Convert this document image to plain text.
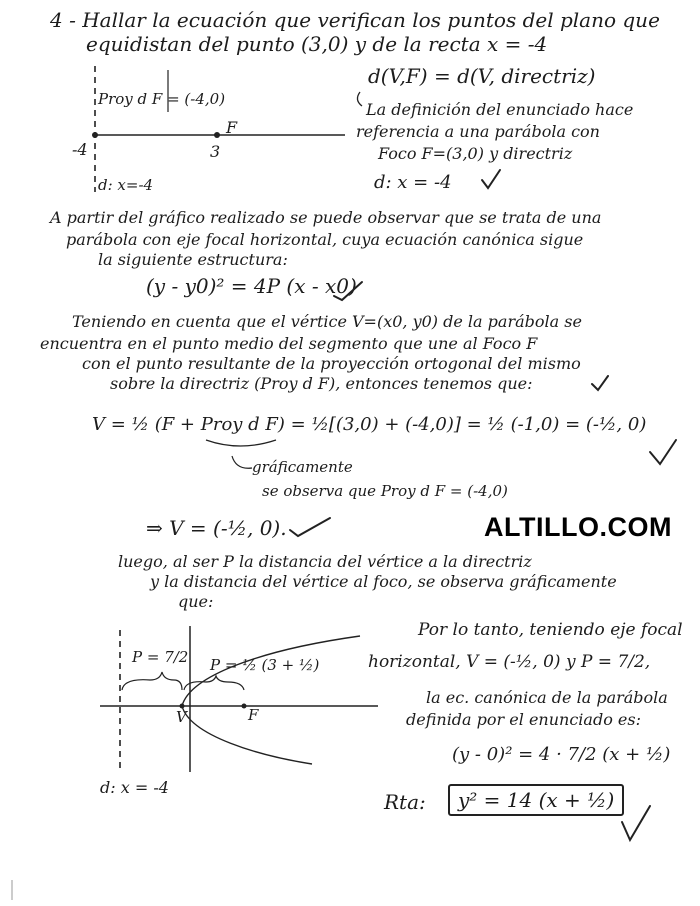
4 - Hallar la ecuación que verifican los puntos del plano que
equidistan del punto (3,0) y de la recta x = -4
Proy d F = (-4,0)
F
-4	3
d: x=-4
d(V,F) = d(V, directriz)
La definición del enunciado hace
referencia a una parábola con
Foco F=(3,0) y directriz
d: x = -4
A partir del gráfico realizado se puede observar que se trata de una
parábola con eje focal horizontal, cuya ecuación canónica sigue
la siguiente estructura:
(y - y0)² = 4P (x - x0)
Teniendo en cuenta que el vértice V=(x0, y0) de la parábola se
encuentra en el punto medio del segmento que une al Foco F
con el punto resultante de la proyección ortogonal del mismo
sobre la directriz (Proy d F), entonces tenemos que:
V = ½ (F + Proy d F) = ½[(3,0) + (-4,0)] = ½ (-1,0) = (-½, 0)
gráficamente
se observa que Proy d F = (-4,0)
⇒ V = (-½, 0).	ALTILLO.COM
luego, al ser P la distancia del vértice a la directriz
y la distancia del vértice al foco, se observa gráficamente
que:
P = 7/2 P = ½ (3 + ½)
V	F
d: x = -4
Por lo tanto, teniendo eje focal
horizontal, V = (-½, 0) y P = 7/2,
la ec. canónica de la parábola
definida por el enunciado es:
(y - 0)² = 4 · 7/2 (x + ½)
Rta:	y² = 14 (x + ½)
